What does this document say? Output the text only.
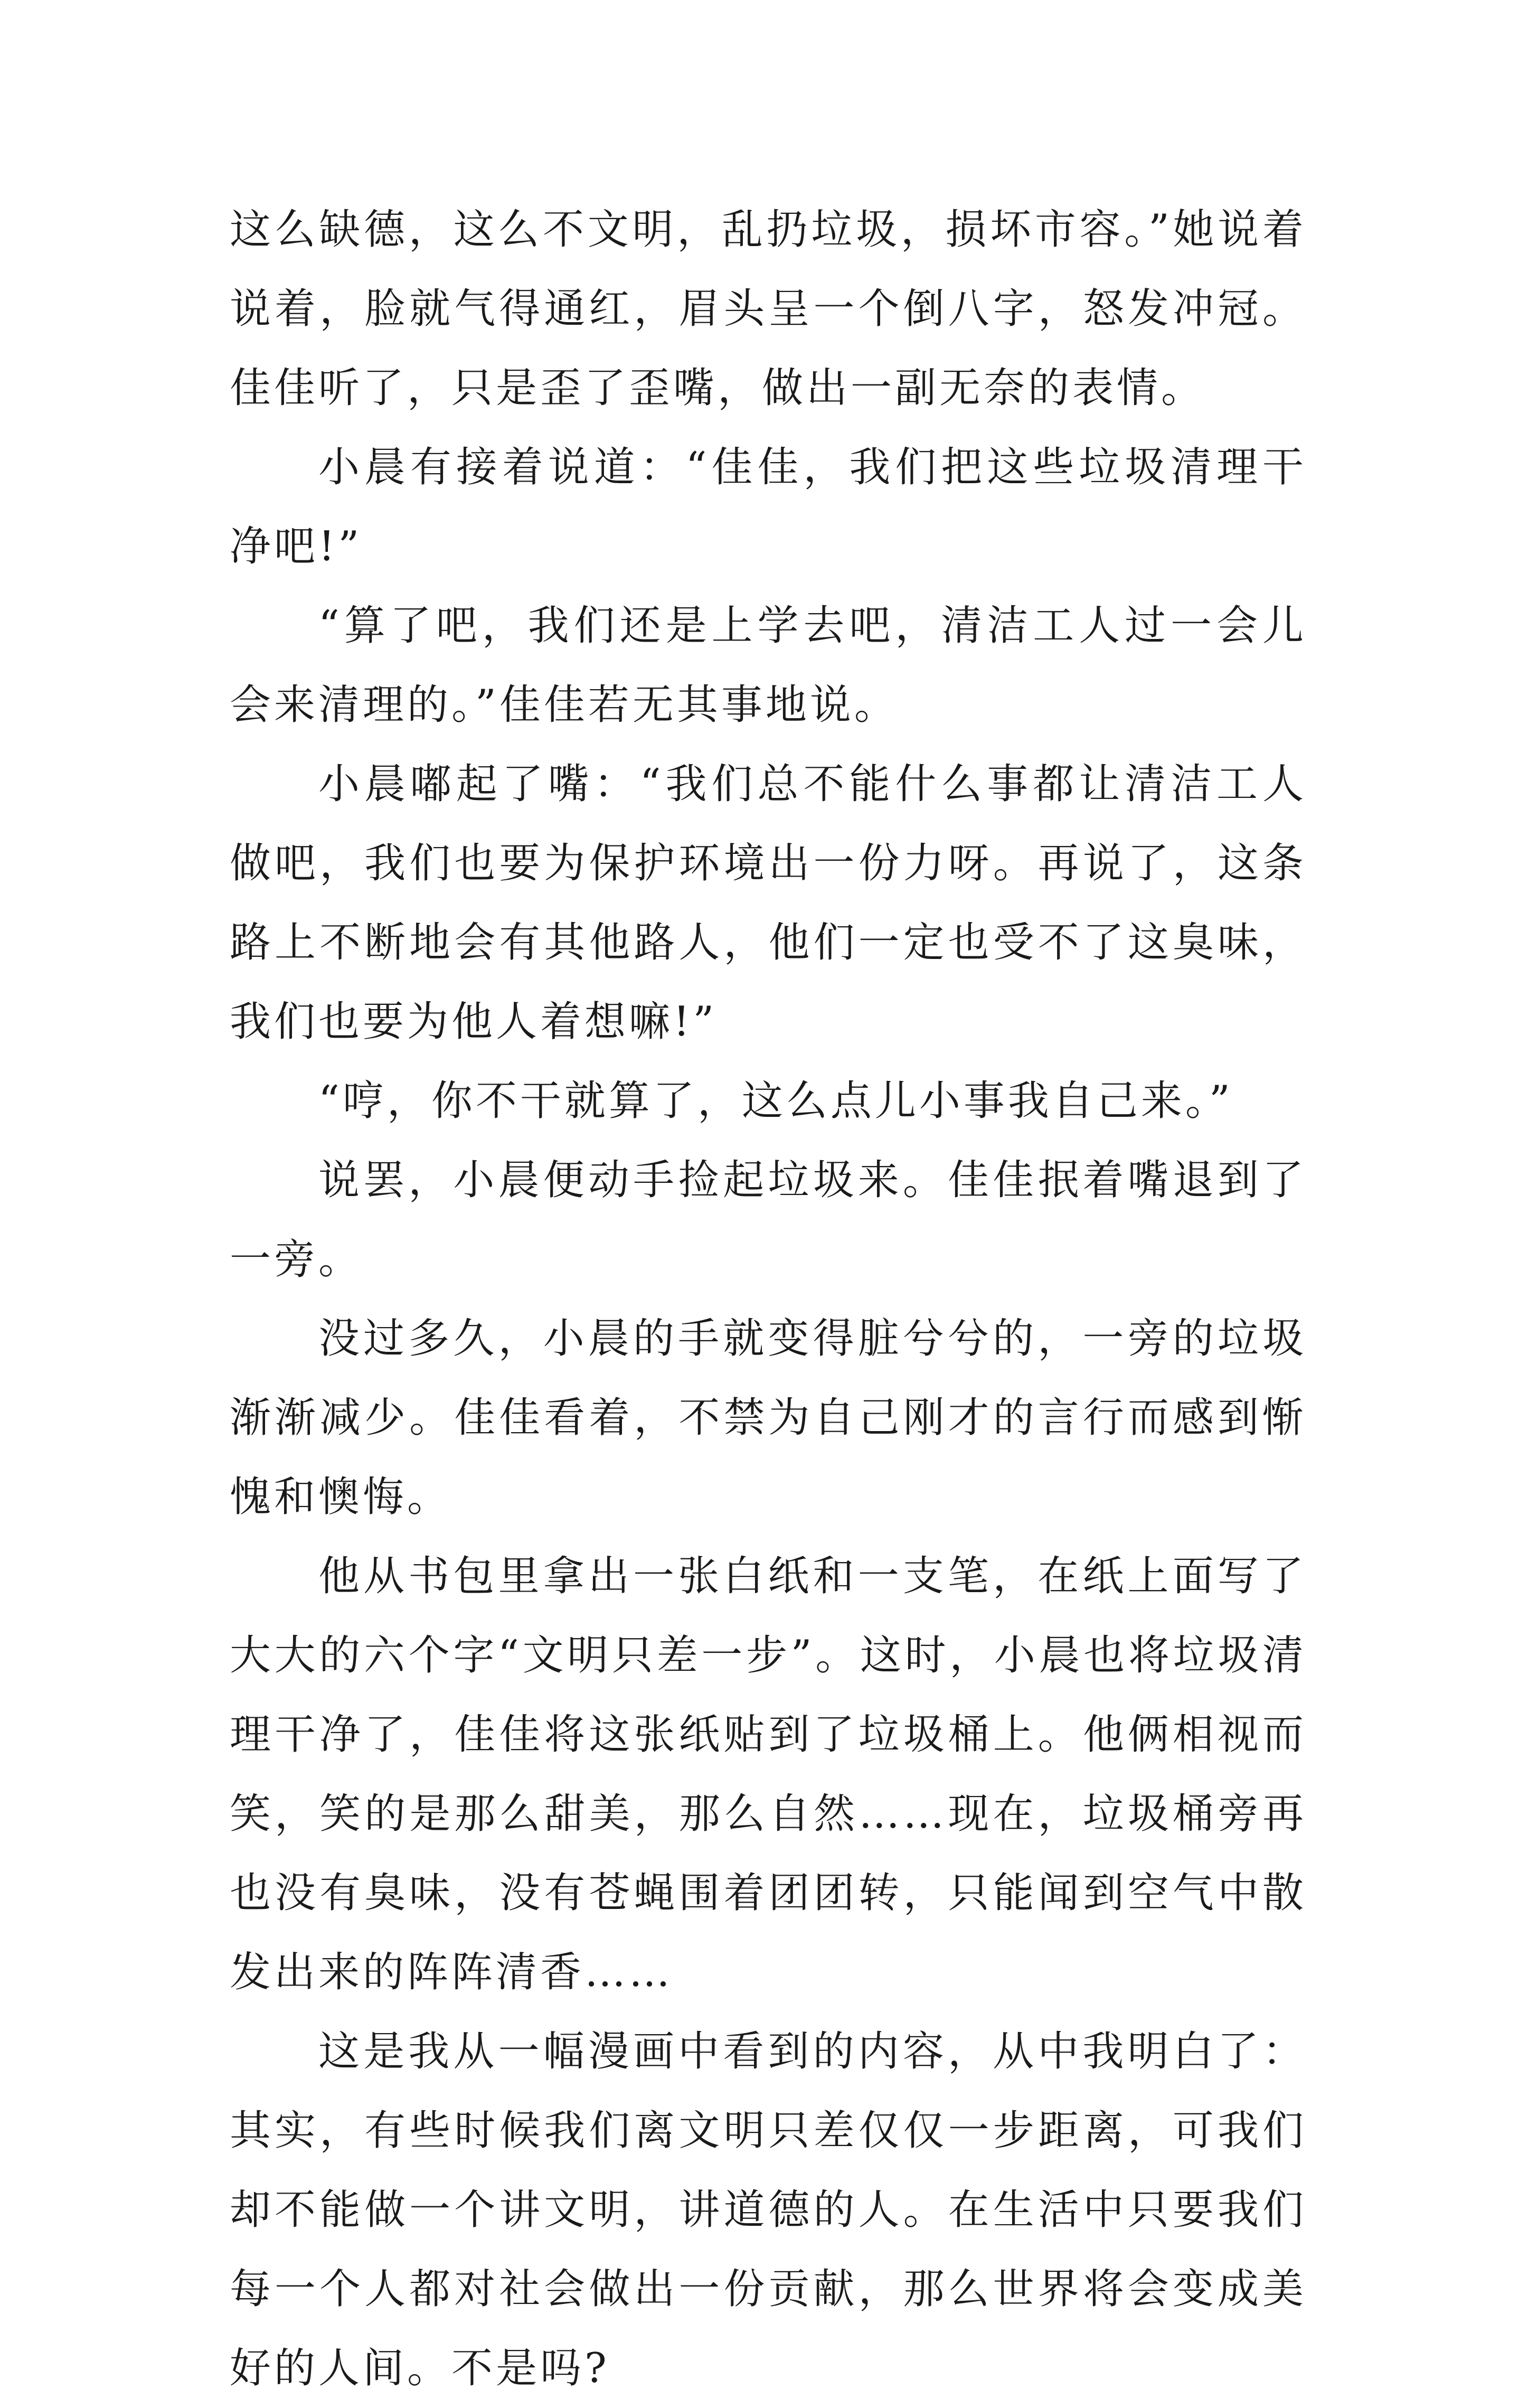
这么缺德，这么不文明，乱扔垃圾，损坏市容。”她说着说着，脸就气得通红，眉头呈一个倒八字，怒发冲冠。佳佳听了，只是歪了歪嘴，做出一副无奈的表情。

小晨有接着说道：“佳佳，我们把这些垃圾清理干净吧!”

“算了吧，我们还是上学去吧，清洁工人过一会儿会来清理的。”佳佳若无其事地说。

小晨嘟起了嘴：“我们总不能什么事都让清洁工人做吧，我们也要为保护环境出一份力呀。再说了，这条路上不断地会有其他路人，他们一定也受不了这臭味，我们也要为他人着想嘛!”

“哼，你不干就算了，这么点儿小事我自己来。”

说罢，小晨便动手捡起垃圾来。佳佳抿着嘴退到了一旁。

没过多久，小晨的手就变得脏兮兮的，一旁的垃圾渐渐减少。佳佳看着，不禁为自己刚才的言行而感到惭愧和懊悔。

他从书包里拿出一张白纸和一支笔，在纸上面写了大大的六个字“文明只差一步”。这时，小晨也将垃圾清理干净了，佳佳将这张纸贴到了垃圾桶上。他俩相视而笑，笑的是那么甜美，那么自然……现在，垃圾桶旁再也没有臭味，没有苍蝇围着团团转，只能闻到空气中散发出来的阵阵清香……

这是我从一幅漫画中看到的内容，从中我明白了：其实，有些时候我们离文明只差仅仅一步距离，可我们却不能做一个讲文明，讲道德的人。在生活中只要我们每一个人都对社会做出一份贡献，那么世界将会变成美好的人间。不是吗?
